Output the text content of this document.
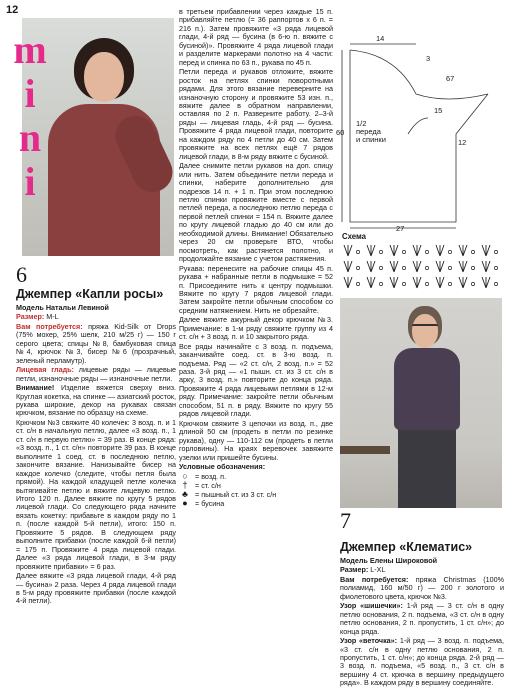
12
m
i
n
i
6
Джемпер «Капли росы»

Модель Натальи Левиной

Размер: M-L

Вам потребуется: пряжа Kid-Silk от Drops (75% мохер, 25% шелк, 210 м/25 г) — 150 г серого цвета; спицы №8, бамбуковая спица №4, крючок №3, бисер №6 (прозрачный, зеленый перламутр).

Лицевая гладь: лицевые ряды — лицевые петли, изнаночные ряды — изнаночные петли.

Внимание! Изделие вяжется сверху вниз. Круглая кокетка, на спинке — азиатский росток, рукава широкие, декор на рукавах связан крючком, вязание по образцу на схеме.

Крючком №3 свяжите 40 колечек: 3 возд. п. и 1 ст. с/н в начальную петлю, далее «3 возд. п., 1 ст. с/н в первую петлю» = 39 раз. В конце ряда: «3 возд. п., 1 ст. с/н» повторите 39 раз. В конце выполните 1 соед. ст. в последнюю петлю, закончите вязание. Нанизывайте бисер на каждое колечко (следите, чтобы петля была прямой). На каждой кладущей петле колечка вытягивайте петлю и вяжите лицевую петлю. Итого 120 п. Далее вяжите по кругу 5 рядов лицевой глади. Со следующего ряда начните вязать кокетку: прибавьте в каждом ряду по 1 п. (после каждой 5-й петли), итого: 150 п. Провяжите 5 рядов. В следующем ряду выполните прибавки (после каждой 6-й петли) = 175 п. Провяжите 4 ряда лицевой глади. Далее «3 ряда лицевой глади, в 3-м ряду провяжите прибавки» = 6 раз.

Далее вяжите «3 ряда лицевой глади, 4-й ряд — бусина» 2 раза. Через 4 ряда лицевой глади в 5-м ряду провяжите прибавки (после каждой 4-й петли).

в третьем прибавлении через каждые 15 п. прибавляйте петлю (= 36 раппортов х 6 п. = 216 п.). Затем провяжите «3 ряда лицевой глади, 4-й ряд — бусина (в 6-ю п. вяжите с бусиной)». Провяжите 4 ряда лицевой глади и разделите маркерами полотно на 4 части: перед и спинка по 63 п., рукава по 45 п.

Петли переда и рукавов отложите, вяжите росток на петлях спинки поворотными рядами. Для этого вязание переверните на изнаночную сторону и провяжите 53 изн. п., вяжите далее в обратном направлении, оставляя по 2 п. Разверните работу. 2–3-й ряды — лицевая гладь, 4-й ряд — бусина. Провяжите 4 ряда лицевой глади, повторите на каждом ряду по 4 петли до 40 см. Затем провяжите на всех петлях ещё 7 рядов лицевой глади, в 8-м ряду вяжите с бусиной.

Далее снимите петли рукавов на доп. спицу или нить. Затем объедините петли переда и спинки, наберите дополнительно для подрезов 14 п. + 1 п. При этом последнюю петлю спинки провяжите вместе с первой петлей переда, а последнюю петлю переда с первой петлей спинки = 154 п. Вяжите далее по кругу лицевой гладью до 40 см или до необходимой длины. Внимание! Обязательно через 20 см проверьте ВТО, чтобы посмотреть, как растянется полотно, и продолжайте вязание с учетом растяжения.

Рукава: перенесите на рабочие спицы 45 п. рукава + набранные петли в подмышке = 52 п. Присоедините нить к центру подмышки. Вяжите по кругу 7 рядов лицевой глади. Затем закройте петли обычным способом со средним натяжением. Нить не обрезайте.

Далее вяжите ажурный декор крючком №3. Примечание: в 1-м ряду свяжите группу из 4 ст. с/н + 3 возд. п. и 10 закрытого ряда.

Все ряды начинайте с 3 возд. п. подъема, заканчивайте соед. ст. в 3-ю возд. п. подъема. Ряд — «2 ст. с/н, 2 возд. п.» = 52 раза. 3-й ряд — «1 пышн. ст. из 3 ст. с/н в арку, 3 возд. п.» повторите до конца ряда. Провяжите 4 ряда лицевыми петлями в 12-м ряду. Примечание: закройте петли обычным способом, 51 п. в ряду. Вяжите по кругу 55 рядов лицевой глади.

Крючком свяжите 3 цепочки из возд. п., две длиной 50 см (продеть в петли по резинке рукава), одну — 110-112 см (продеть в петли горловины). На краях веревочек завяжите узелки или пришейте бусины.

Условные обозначения:

○	= возд. п.
†	= ст. с/н
♣ = пышный ст. из 3 ст. с/н
●	= бусина
14
3
67
15
60
27
12
1/2
переда
и спинки
Схема
7
Джемпер «Клематис»

Модель Елены Широковой

Размер: L-XL

Вам потребуется: пряжа Christmas (100% полиамид, 160 м/50 г) — 200 г золотого и фиолетового цвета, крючок №3.

Узор «шишечки»: 1-й ряд — 3 ст. с/н в одну петлю основания, 2 п. подъема, «3 ст. с/н в одну петлю основания, 2 п. пропустить, 1 ст. с/н»; до конца ряда.

Узор «веточка»: 1-й ряд — 3 возд. п. подъема, «3 ст. с/н в одну петлю основания, 2 п. пропустить, 1 ст. с/н»; до конца ряда. 2-й ряд — 3 возд. п. подъема, «5 возд. п., 3 ст. с/н в вершину 4 ст. крючка в вершину предыдущего ряда». В каждом ряду в вершину соединяйте.
